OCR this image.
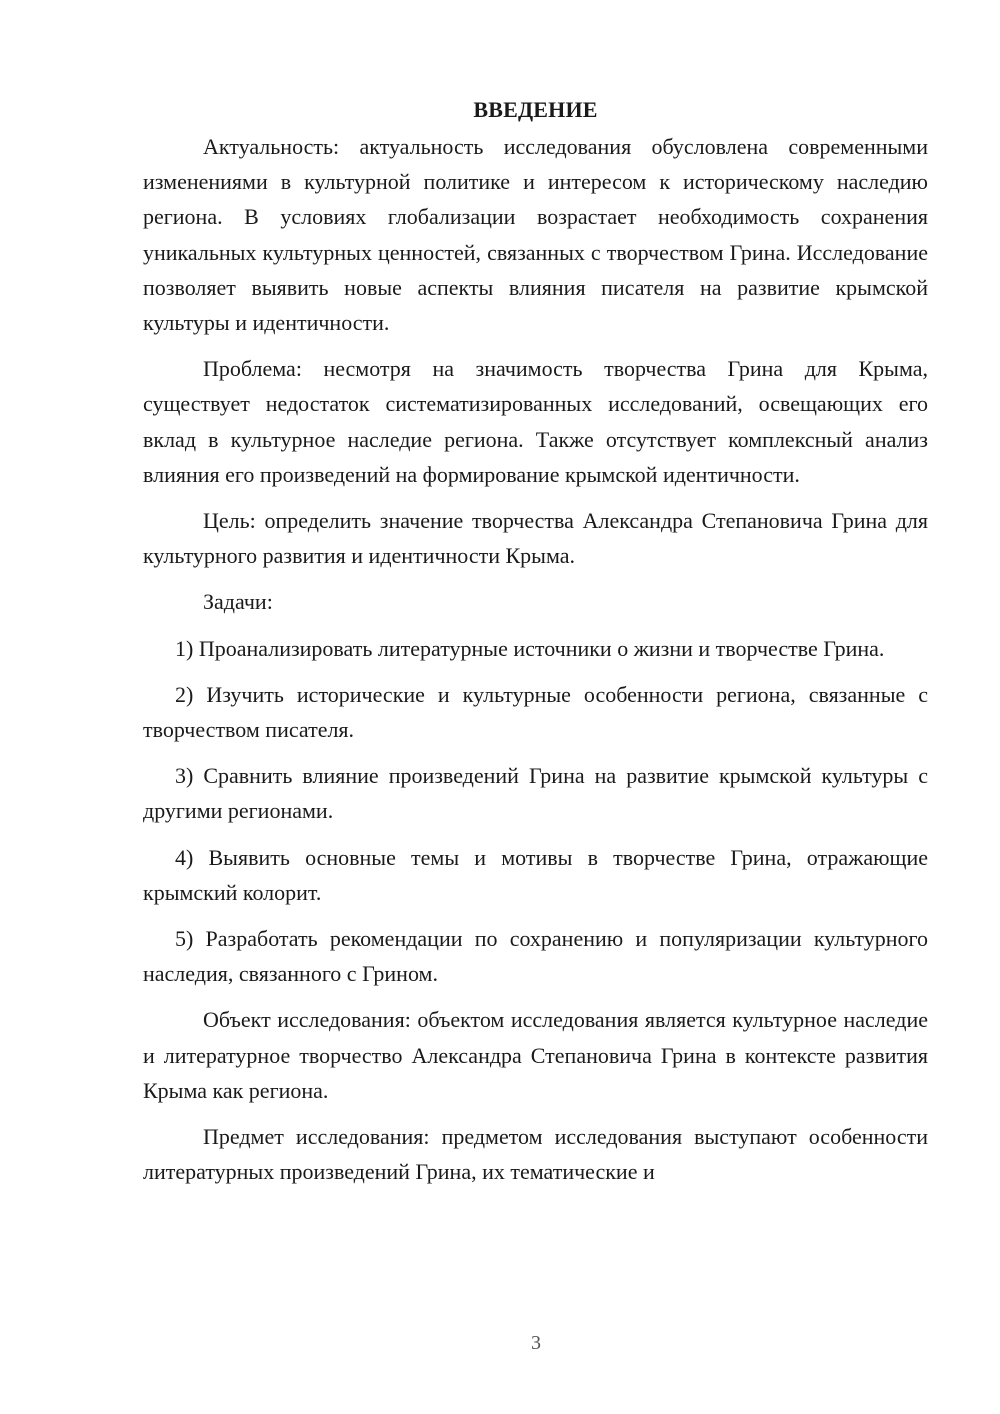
ВВЕДЕНИЕ

Актуальность: актуальность исследования обусловлена современными изменениями в культурной политике и интересом к историческому наследию региона. В условиях глобализации возрастает необходимость сохранения уникальных культурных ценностей, связанных с творчеством Грина. Исследование позволяет выявить новые аспекты влияния писателя на развитие крымской культуры и идентичности.

Проблема: несмотря на значимость творчества Грина для Крыма, существует недостаток систематизированных исследований, освещающих его вклад в культурное наследие региона. Также отсутствует комплексный анализ влияния его произведений на формирование крымской идентичности.

Цель: определить значение творчества Александра Степановича Грина для культурного развития и идентичности Крыма.

Задачи:

1) Проанализировать литературные источники о жизни и творчестве Грина.
2) Изучить исторические и культурные особенности региона, связанные с творчеством писателя.
3) Сравнить влияние произведений Грина на развитие крымской культуры с другими регионами.
4) Выявить основные темы и мотивы в творчестве Грина, отражающие крымский колорит.
5) Разработать рекомендации по сохранению и популяризации культурного наследия, связанного с Грином.

Объект исследования: объектом исследования является культурное наследие и литературное творчество Александра Степановича Грина в контексте развития Крыма как региона.

Предмет исследования: предметом исследования выступают особенности литературных произведений Грина, их тематические и

3
